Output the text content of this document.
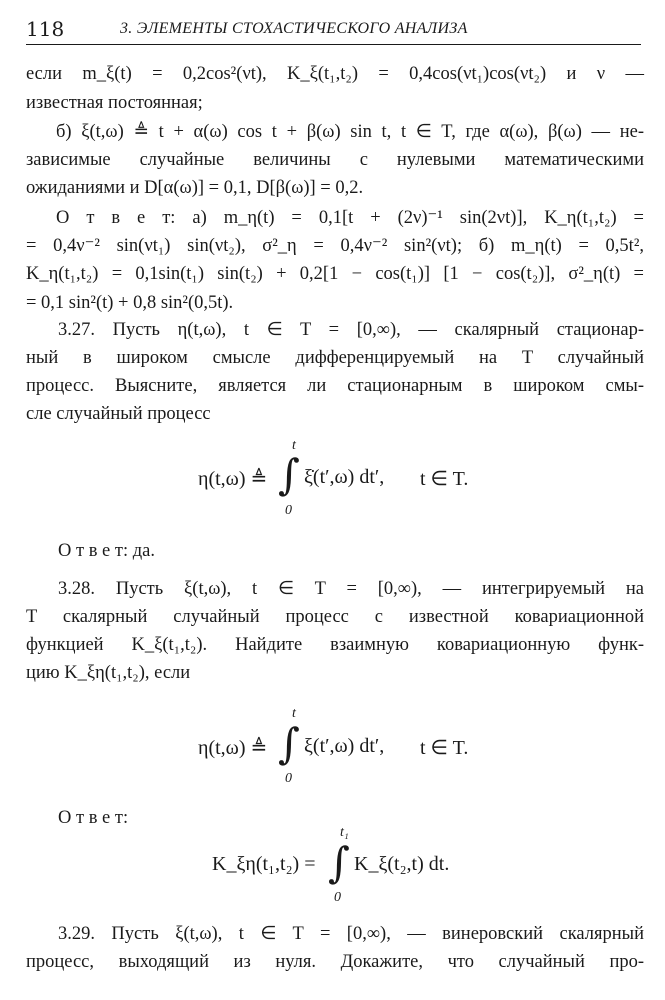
118	3. ЭЛЕМЕНТЫ СТОХАСТИЧЕСКОГО АНАЛИЗА
если m_ξ(t) = 0,2cos²(νt), K_ξ(t₁,t₂) = 0,4cos(νt₁)cos(νt₂) и ν —
известная постоянная;
б) ξ(t,ω) ≜ t + α(ω) cos t + β(ω) sin t, t ∈ T, где α(ω), β(ω) — не-
зависимые случайные величины с нулевыми математическими
ожиданиями и D[α(ω)] = 0,1, D[β(ω)] = 0,2.
О т в е т: а) m_η(t) = 0,1[t + (2ν)⁻¹ sin(2νt)], K_η(t₁,t₂) =
= 0,4ν⁻² sin(νt₁) sin(νt₂), σ²_η = 0,4ν⁻² sin²(νt); б) m_η(t) = 0,5t²,
K_η(t₁,t₂) = 0,1sin(t₁) sin(t₂) + 0,2[1 − cos(t₁)] [1 − cos(t₂)], σ²_η(t) =
= 0,1 sin²(t) + 0,8 sin²(0,5t).
3.27. Пусть η(t,ω), t ∈ T = [0,∞), — скалярный стационар-
ный в широком смысле дифференцируемый на T случайный
процесс. Выясните, является ли стационарным в широком смы-
сле случайный процесс
η(t,ω) ≜
t
∫
0
ξ̇(t′,ω) dt′, t ∈ T.
О т в е т: да.
3.28. Пусть ξ(t,ω), t ∈ T = [0,∞), — интегрируемый на
T скалярный случайный процесс с известной ковариационной
функцией K_ξ(t₁,t₂). Найдите взаимную ковариационную функ-
цию K_ξη(t₁,t₂), если
η(t,ω) ≜
t
∫
0
ξ(t′,ω) dt′, t ∈ T.
О т в е т:
K_ξη(t₁,t₂) =
t₁
∫
0
K_ξ(t₂,t) dt.
3.29. Пусть ξ(t,ω), t ∈ T = [0,∞), — винеровский скалярный
процесс, выходящий из нуля. Докажите, что случайный про-
